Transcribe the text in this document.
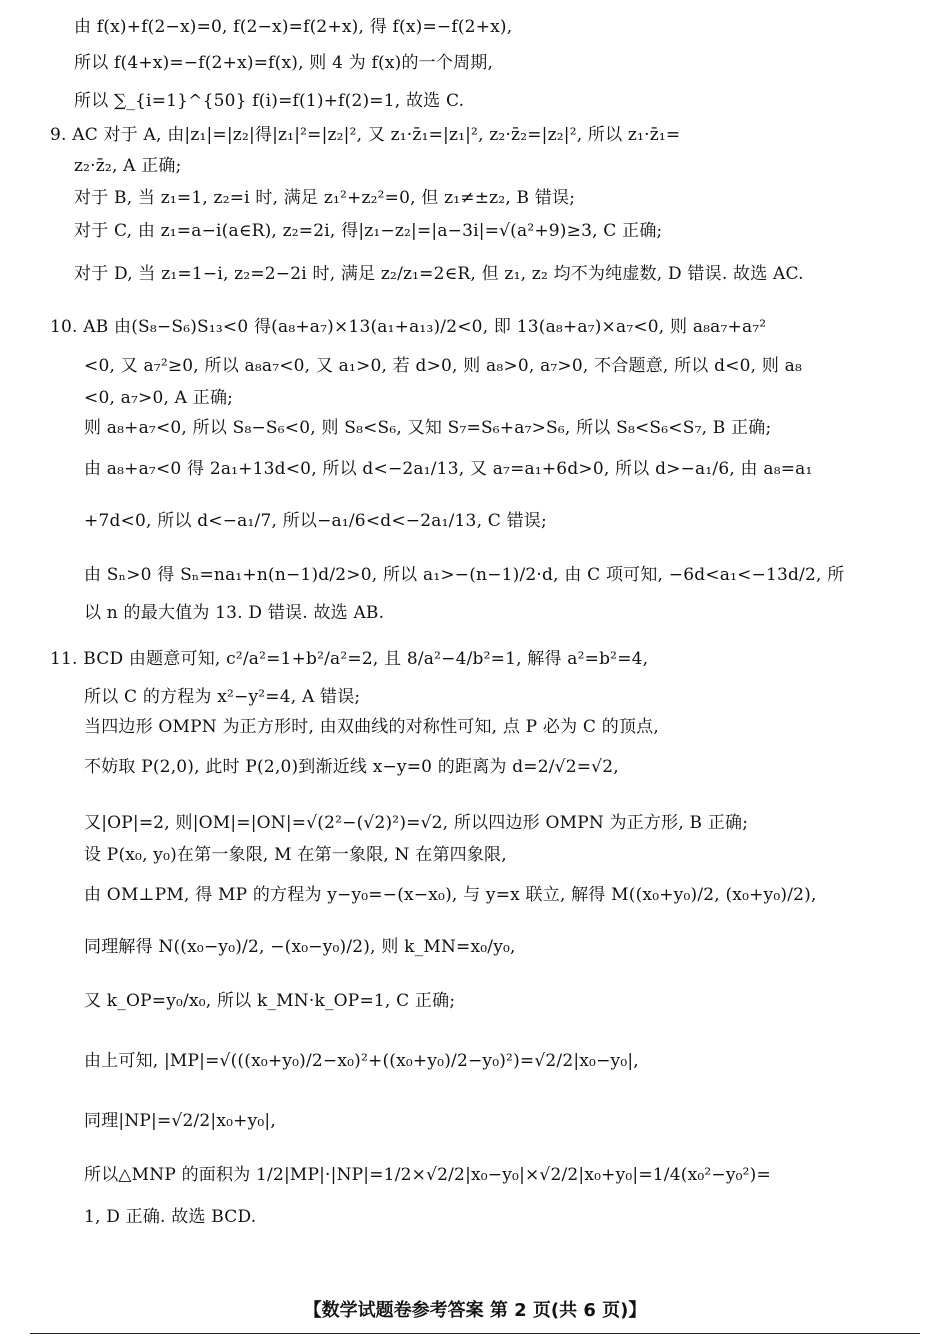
由 f(x)+f(2−x)=0, f(2−x)=f(2+x), 得 f(x)=−f(2+x),
所以 f(4+x)=−f(2+x)=f(x), 则 4 为 f(x)的一个周期,
所以 ∑_{i=1}^{50} f(i)=f(1)+f(2)=1, 故选 C.
9. AC 对于 A, 由|z₁|=|z₂|得|z₁|²=|z₂|², 又 z₁·z̄₁=|z₁|², z₂·z̄₂=|z₂|², 所以 z₁·z̄₁=
z₂·z̄₂, A 正确;
对于 B, 当 z₁=1, z₂=i 时, 满足 z₁²+z₂²=0, 但 z₁≠±z₂, B 错误;
对于 C, 由 z₁=a−i(a∈R), z₂=2i, 得|z₁−z₂|=|a−3i|=√(a²+9)≥3, C 正确;
对于 D, 当 z₁=1−i, z₂=2−2i 时, 满足 z₂/z₁=2∈R, 但 z₁, z₂ 均不为纯虚数, D 错误. 故选 AC.
10. AB 由(S₈−S₆)S₁₃<0 得(a₈+a₇)×13(a₁+a₁₃)/2<0, 即 13(a₈+a₇)×a₇<0, 则 a₈a₇+a₇²
<0, 又 a₇²≥0, 所以 a₈a₇<0, 又 a₁>0, 若 d>0, 则 a₈>0, a₇>0, 不合题意, 所以 d<0, 则 a₈
<0, a₇>0, A 正确;
则 a₈+a₇<0, 所以 S₈−S₆<0, 则 S₈<S₆, 又知 S₇=S₆+a₇>S₆, 所以 S₈<S₆<S₇, B 正确;
由 a₈+a₇<0 得 2a₁+13d<0, 所以 d<−2a₁/13, 又 a₇=a₁+6d>0, 所以 d>−a₁/6, 由 a₈=a₁
+7d<0, 所以 d<−a₁/7, 所以−a₁/6<d<−2a₁/13, C 错误;
由 Sₙ>0 得 Sₙ=na₁+n(n−1)d/2>0, 所以 a₁>−(n−1)/2·d, 由 C 项可知, −6d<a₁<−13d/2, 所
以 n 的最大值为 13. D 错误. 故选 AB.
11. BCD 由题意可知, c²/a²=1+b²/a²=2, 且 8/a²−4/b²=1, 解得 a²=b²=4,
所以 C 的方程为 x²−y²=4, A 错误;
当四边形 OMPN 为正方形时, 由双曲线的对称性可知, 点 P 必为 C 的顶点,
不妨取 P(2,0), 此时 P(2,0)到渐近线 x−y=0 的距离为 d=2/√2=√2,
又|OP|=2, 则|OM|=|ON|=√(2²−(√2)²)=√2, 所以四边形 OMPN 为正方形, B 正确;
设 P(x₀, y₀)在第一象限, M 在第一象限, N 在第四象限,
由 OM⊥PM, 得 MP 的方程为 y−y₀=−(x−x₀), 与 y=x 联立, 解得 M((x₀+y₀)/2, (x₀+y₀)/2),
同理解得 N((x₀−y₀)/2, −(x₀−y₀)/2), 则 k_MN=x₀/y₀,
又 k_OP=y₀/x₀, 所以 k_MN·k_OP=1, C 正确;
由上可知, |MP|=√(((x₀+y₀)/2−x₀)²+((x₀+y₀)/2−y₀)²)=√2/2|x₀−y₀|,
同理|NP|=√2/2|x₀+y₀|,
所以△MNP 的面积为 1/2|MP|·|NP|=1/2×√2/2|x₀−y₀|×√2/2|x₀+y₀|=1/4(x₀²−y₀²)=
1, D 正确. 故选 BCD.
【数学试题卷参考答案 第 2 页(共 6 页)】
